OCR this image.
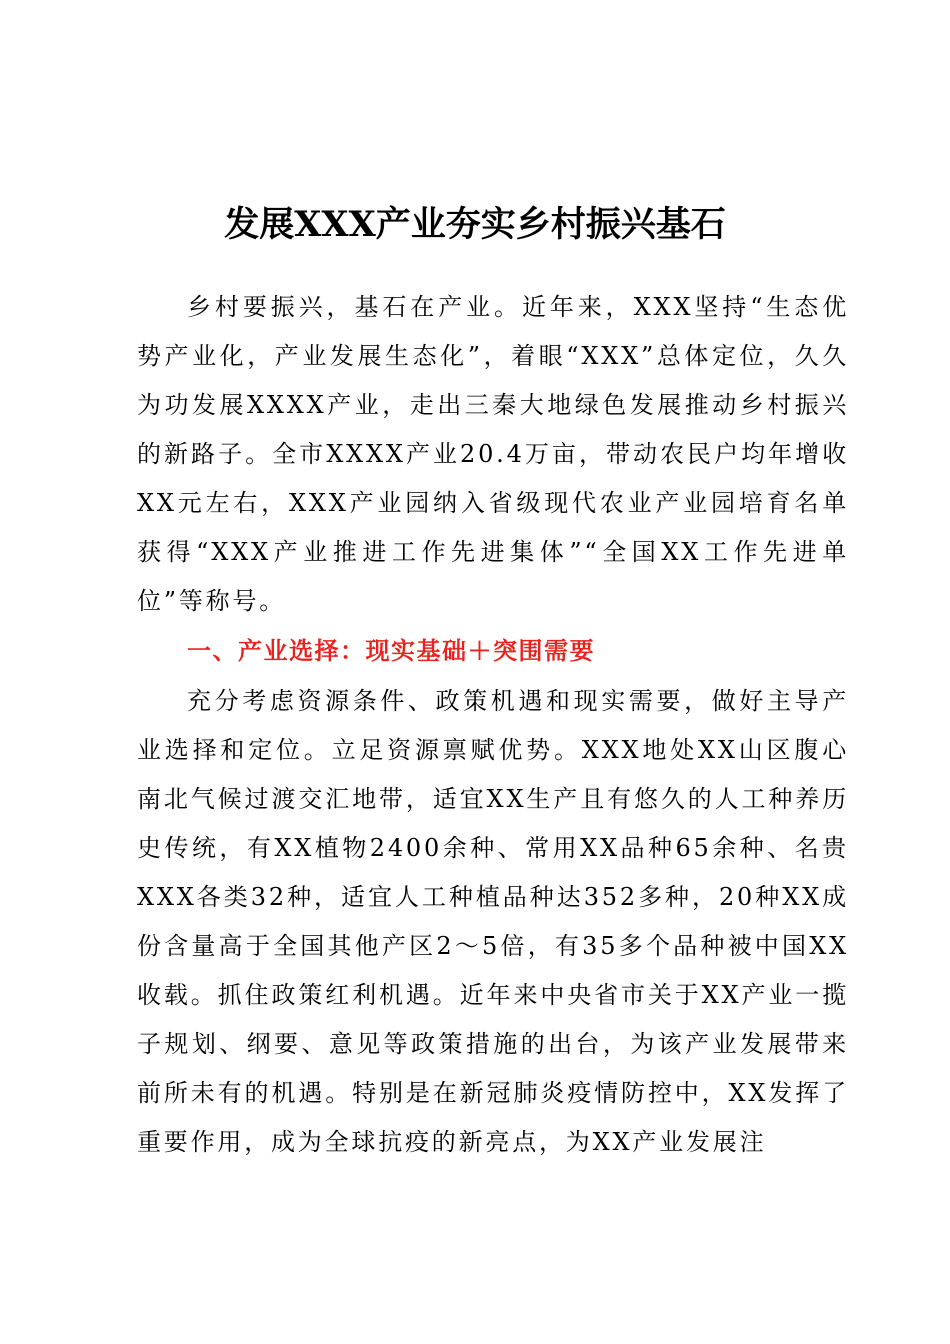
发展XXX产业夯实乡村振兴基石

乡村要振兴，基石在产业。近年来，XXX坚持“生态优势产业化，产业发展生态化”，着眼“XXX”总体定位，久久为功发展XXXX产业，走出三秦大地绿色发展推动乡村振兴的新路子。全市XXXX产业20.4万亩，带动农民户均年增收XX元左右，XXX产业园纳入省级现代农业产业园培育名单获得“XXX产业推进工作先进集体”“全国XX工作先进单位”等称号。

一、产业选择：现实基础＋突围需要

充分考虑资源条件、政策机遇和现实需要，做好主导产业选择和定位。立足资源禀赋优势。XXX地处XX山区腹心南北气候过渡交汇地带，适宜XX生产且有悠久的人工种养历史传统，有XX植物2400余种、常用XX品种65余种、名贵XXX各类32种，适宜人工种植品种达352多种，20种XX成份含量高于全国其他产区2～5倍，有35多个品种被中国XX收载。抓住政策红利机遇。近年来中央省市关于XX产业一揽子规划、纲要、意见等政策措施的出台，为该产业发展带来前所未有的机遇。特别是在新冠肺炎疫情防控中，XX发挥了重要作用，成为全球抗疫的新亮点，为XX产业发展注
